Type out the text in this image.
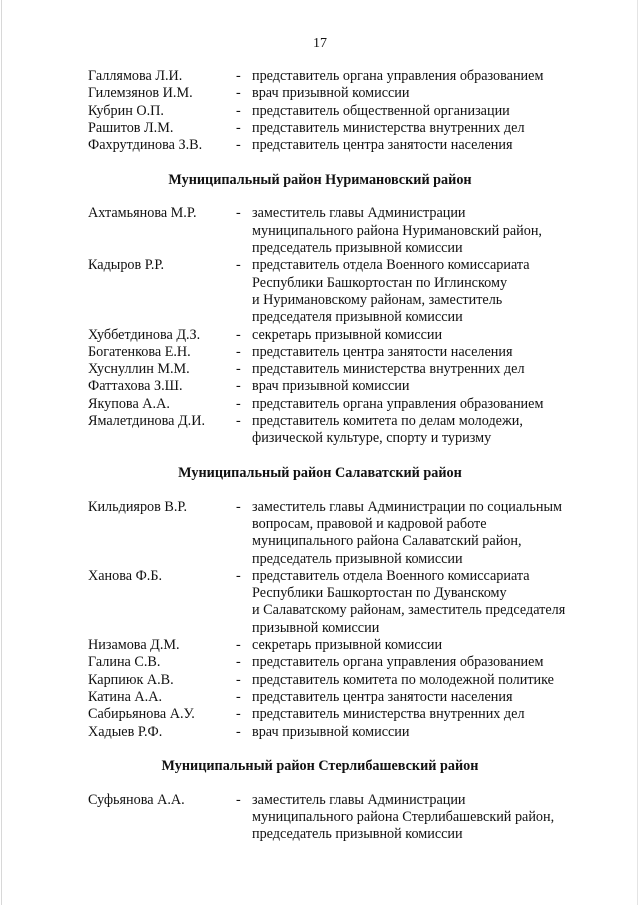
17
Галлямова Л.И.	- представитель органа управления образованием
Гилемзянов И.М.	- врач призывной комиссии
Кубрин О.П.	- представитель общественной организации
Рашитов Л.М.	- представитель министерства внутренних дел
Фахрутдинова З.В.	- представитель центра занятости населения
Муниципальный район Нуримановский район
Ахтамьянова М.Р.	- заместитель главы Администрации
муниципального района Нуримановский район,
председатель призывной комиссии
Кадыров Р.Р.	- представитель отдела Военного комиссариата
Республики Башкортостан по Иглинскому
и Нуримановскому районам, заместитель
председателя призывной комиссии
Хуббетдинова Д.З.	- секретарь призывной комиссии
Богатенкова Е.Н.	- представитель центра занятости населения
Хуснуллин М.М.	- представитель министерства внутренних дел
Фаттахова З.Ш.	- врач призывной комиссии
Якупова А.А.	- представитель органа управления образованием
Ямалетдинова Д.И.	- представитель комитета по делам молодежи,
физической культуре, спорту и туризму
Муниципальный район Салаватский район
Кильдияров В.Р.	- заместитель главы Администрации по социальным
вопросам, правовой и кадровой работе
муниципального района Салаватский район,
председатель призывной комиссии
Ханова Ф.Б.	- представитель отдела Военного комиссариата
Республики Башкортостан по Дуванскому
и Салаватскому районам, заместитель председателя
призывной комиссии
Низамова Д.М.	- секретарь призывной комиссии
Галина С.В.	- представитель органа управления образованием
Карпиюк А.В.	- представитель комитета по молодежной политике
Катина А.А.	- представитель центра занятости населения
Сабирьянова А.У.	- представитель министерства внутренних дел
Хадыев Р.Ф.	- врач призывной комиссии
Муниципальный район Стерлибашевский район
Суфьянова А.А.	- заместитель главы Администрации
муниципального района Стерлибашевский район,
председатель призывной комиссии
